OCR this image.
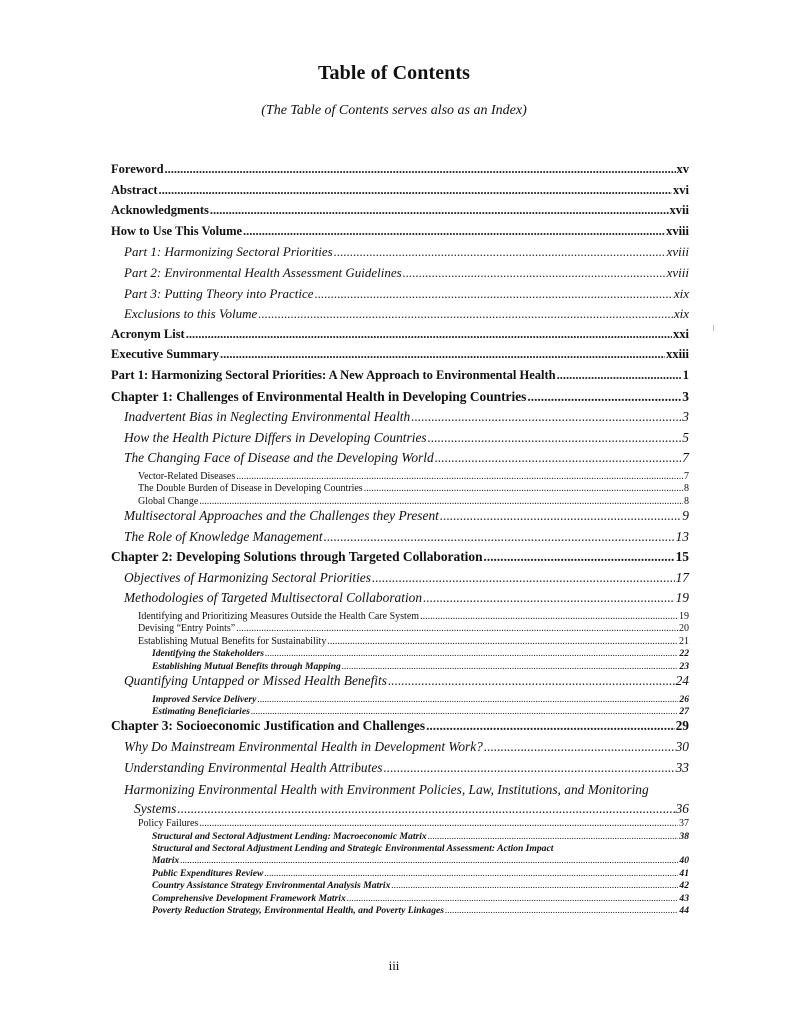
Table of Contents
(The Table of Contents serves also as an Index)
Foreword .....	xv
Abstract .....	xvi
Acknowledgments .....	xvii
How to Use This Volume .....	xviii
Part 1: Harmonizing Sectoral Priorities .....	xviii
Part 2: Environmental Health Assessment Guidelines .....	xviii
Part 3: Putting Theory into Practice .....	xix
Exclusions to this Volume .....	xix
Acronym List .....	xxi
Executive Summary .....	xxiii
Part 1: Harmonizing Sectoral Priorities: A New Approach to Environmental Health .....	1
Chapter 1: Challenges of Environmental Health in Developing Countries .....	3
Inadvertent Bias in Neglecting Environmental Health .....	3
How the Health Picture Differs in Developing Countries .....	5
The Changing Face of Disease and the Developing World .....	7
Vector-Related Diseases .....	7
The Double Burden of Disease in Developing Countries .....	8
Global Change .....	8
Multisectoral Approaches and the Challenges they Present .....	9
The Role of Knowledge Management .....	13
Chapter 2: Developing Solutions through Targeted Collaboration .....	15
Objectives of Harmonizing Sectoral Priorities .....	17
Methodologies of Targeted Multisectoral Collaboration .....	19
Identifying and Prioritizing Measures Outside the Health Care System .....	19
Devising “Entry Points” .....	20
Establishing Mutual Benefits for Sustainability .....	21
Identifying the Stakeholders .....	22
Establishing Mutual Benefits through Mapping .....	23
Quantifying Untapped or Missed Health Benefits .....	24
Improved Service Delivery .....	26
Estimating Beneficiaries .....	27
Chapter 3: Socioeconomic Justification and Challenges .....	29
Why Do Mainstream Environmental Health in Development Work? .....	30
Understanding Environmental Health Attributes .....	33
Harmonizing Environmental Health with Environment Policies, Law, Institutions, and Monitoring
Systems .....	36
Policy Failures .....	37
Structural and Sectoral Adjustment Lending: Macroeconomic Matrix .....	38
Structural and Sectoral Adjustment Lending and Strategic Environmental Assessment: Action Impact
Matrix .....	40
Public Expenditures Review .....	41
Country Assistance Strategy Environmental Analysis Matrix .....	42
Comprehensive Development Framework Matrix .....	43
Poverty Reduction Strategy, Environmental Health, and Poverty Linkages .....	44
iii
